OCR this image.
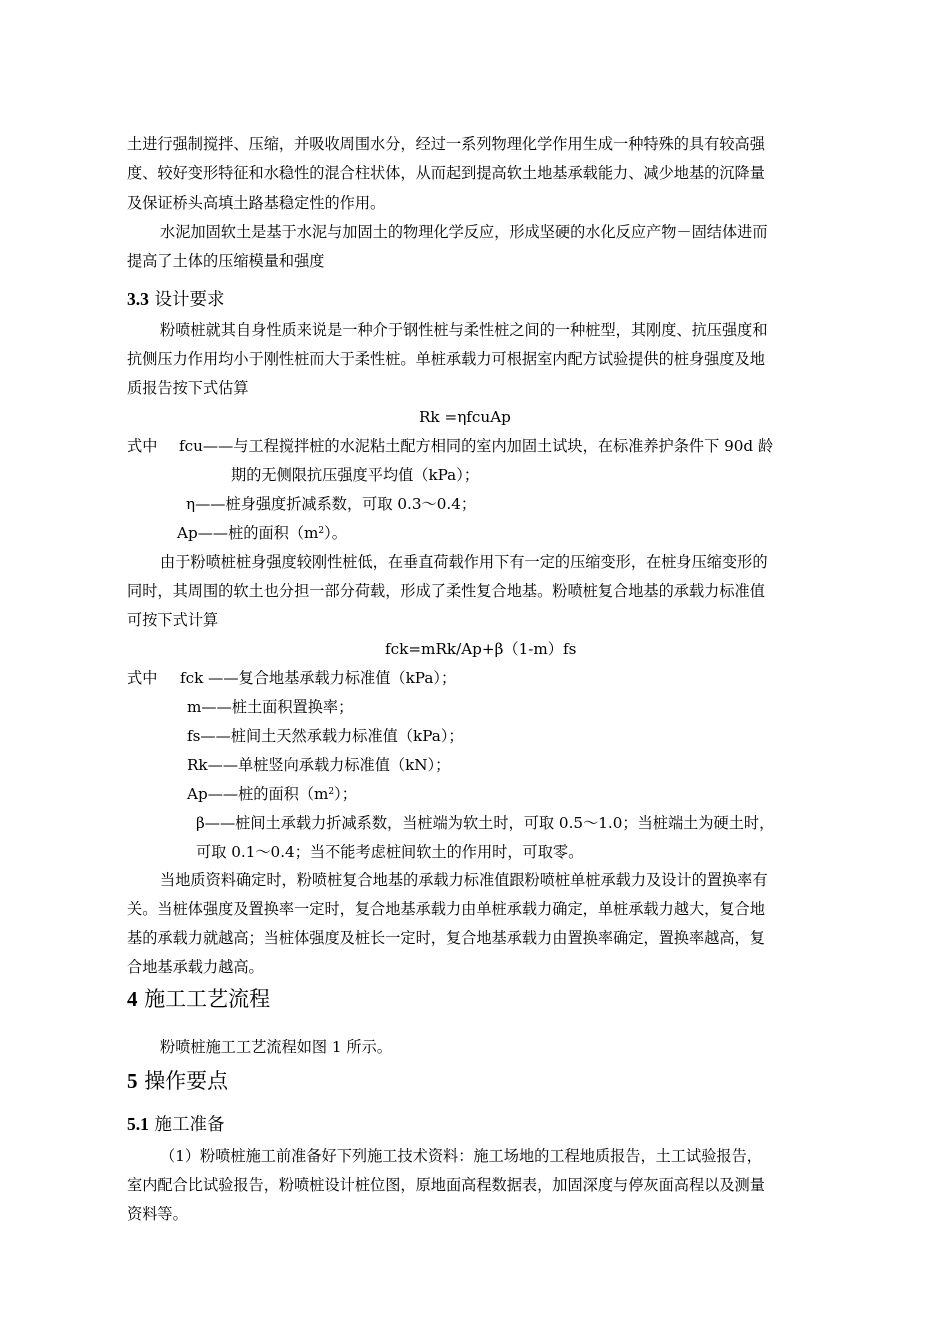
土进行强制搅拌、压缩，并吸收周围水分，经过一系列物理化学作用生成一种特殊的具有较高强
度、较好变形特征和水稳性的混合柱状体，从而起到提高软土地基承载能力、减少地基的沉降量
及保证桥头高填土路基稳定性的作用。
水泥加固软土是基于水泥与加固土的物理化学反应，形成坚硬的水化反应产物－固结体进而
提高了土体的压缩模量和强度
3.3 设计要求
粉喷桩就其自身性质来说是一种介于钢性桩与柔性桩之间的一种桩型，其刚度、抗压强度和
抗侧压力作用均小于刚性桩而大于柔性桩。单桩承载力可根据室内配方试验提供的桩身强度及地
质报告按下式估算
Rk =ηfcuAp
式中 fcu——与工程搅拌桩的水泥粘土配方相同的室内加固土试块，在标准养护条件下 90d 龄
期的无侧限抗压强度平均值（kPa）；
η——桩身强度折减系数，可取 0.3～0.4；
Ap——桩的面积$(m^2)$。
由于粉喷桩桩身强度较刚性桩低，在垂直荷载作用下有一定的压缩变形，在桩身压缩变形的
同时，其周围的软土也分担一部分荷载，形成了柔性复合地基。粉喷桩复合地基的承载力标准值
可按下式计算
fck=mRk/Ap+β（1-m）fs
式中 fck ——复合地基承载力标准值（kPa）；
m——桩土面积置换率；
fs——桩间土天然承载力标准值（kPa）；
Rk——单桩竖向承载力标准值（kN）；
Ap——桩的面积$(m^2)$；
β——桩间土承载力折减系数，当桩端为软土时，可取 0.5～1.0；当桩端土为硬土时，
可取 0.1～0.4；当不能考虑桩间软土的作用时，可取零。
当地质资料确定时，粉喷桩复合地基的承载力标准值跟粉喷桩单桩承载力及设计的置换率有
关。当桩体强度及置换率一定时，复合地基承载力由单桩承载力确定，单桩承载力越大，复合地
基的承载力就越高；当桩体强度及桩长一定时，复合地基承载力由置换率确定，置换率越高，复
合地基承载力越高。
4 施工工艺流程
粉喷桩施工工艺流程如图 1 所示。
5 操作要点
5.1 施工准备
（1）粉喷桩施工前准备好下列施工技术资料：施工场地的工程地质报告，土工试验报告，
室内配合比试验报告，粉喷桩设计桩位图，原地面高程数据表，加固深度与停灰面高程以及测量
资料等。
